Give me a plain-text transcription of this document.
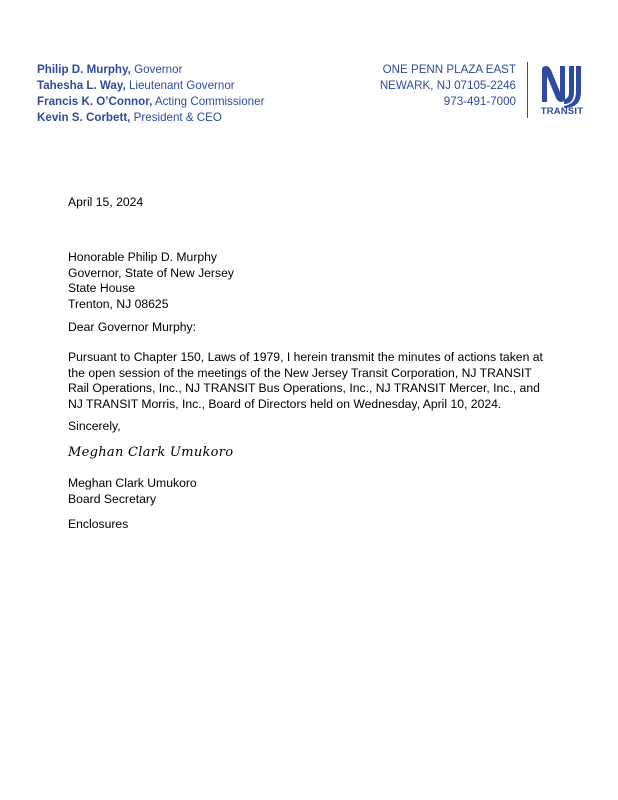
Philip D. Murphy, Governor
Tahesha L. Way, Lieutenant Governor
Francis K. O’Connor, Acting Commissioner
Kevin S. Corbett, President & CEO
ONE PENN PLAZA EAST
NEWARK, NJ 07105-2246
973-491-7000
TRANSIT
April 15, 2024
Honorable Philip D. Murphy
Governor, State of New Jersey
State House
Trenton, NJ 08625
Dear Governor Murphy:
Pursuant to Chapter 150, Laws of 1979, I herein transmit the minutes of actions taken at
the open session of the meetings of the New Jersey Transit Corporation, NJ TRANSIT
Rail Operations, Inc., NJ TRANSIT Bus Operations, Inc., NJ TRANSIT Mercer, Inc., and
NJ TRANSIT Morris, Inc., Board of Directors held on Wednesday, April 10, 2024.
Sincerely,
Meghan Clark Umukoro
Meghan Clark Umukoro
Board Secretary
Enclosures
